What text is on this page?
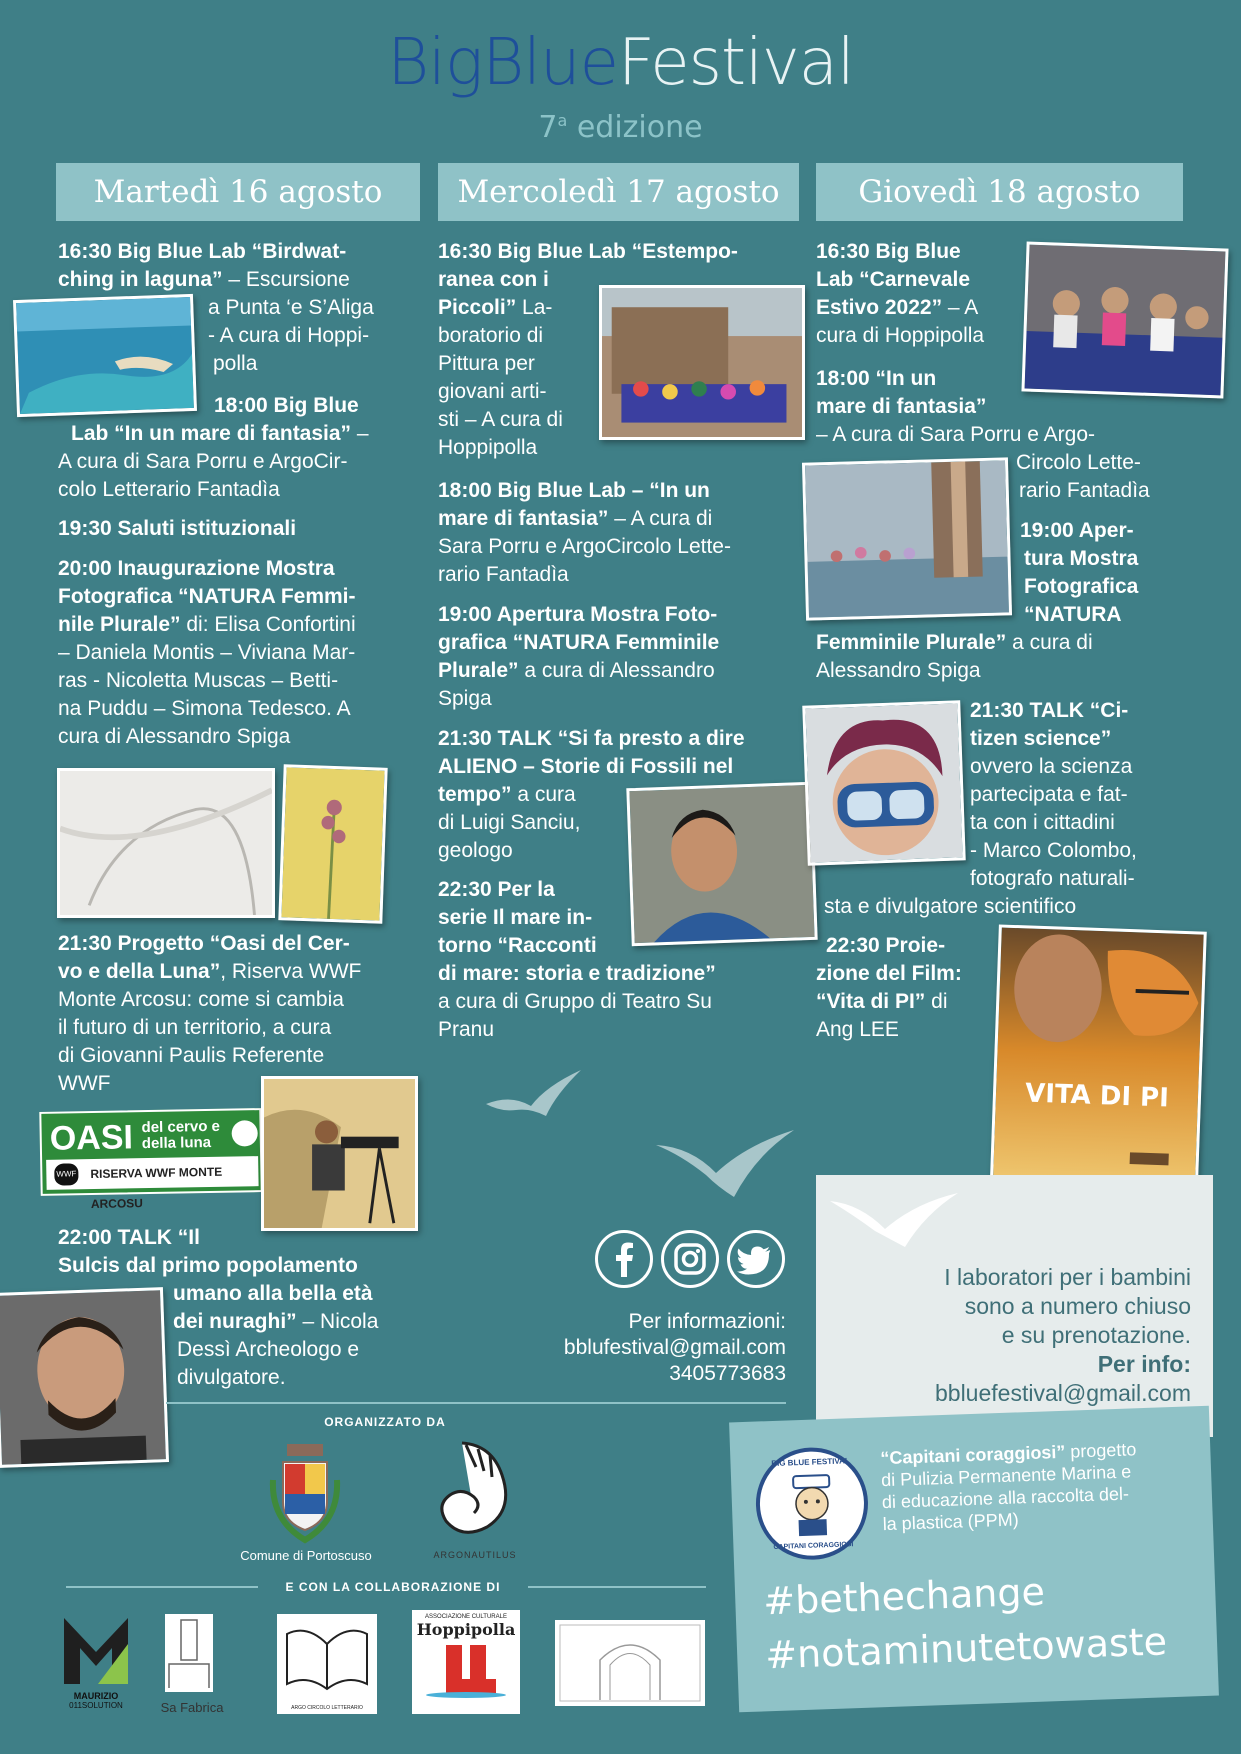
BigBlueFestival
7$^a$ edizione
Martedì 16 agosto	Mercoledì 17 agosto	Giovedì 18 agosto
16:30 Big Blue Lab “Birdwat-
ching in laguna” – Escursione
a Punta ‘e S’Aliga
- A cura di Hoppi-
polla
18:00 Big Blue
Lab “In un mare di fantasia” –
A cura di Sara Porru e ArgoCir-
colo Letterario Fantadìa
19:30 Saluti istituzionali
20:00 Inaugurazione Mostra
Fotografica “NATURA Femmi-
nile Plurale” di: Elisa Confortini
– Daniela Montis – Viviana Mar-
ras - Nicoletta Muscas – Betti-
na Puddu – Simona Tedesco. A
cura di Alessandro Spiga
21:30 Progetto “Oasi del Cer-
vo e della Luna”, Riserva WWF
Monte Arcosu: come si cambia
il futuro di un territorio, a cura
di Giovanni Paulis Referente
WWF
OASI del cervo e
della luna
RISERVA WWF MONTE ARCOSU
WWF
22:00 TALK “Il
Sulcis dal primo popolamento
umano alla bella età
dei nuraghi” – Nicola
Dessì Archeologo e
divulgatore.
16:30 Big Blue Lab “Estempo-
ranea con i
Piccoli” La-
boratorio di
Pittura per
giovani arti-
sti – A cura di
Hoppipolla
18:00 Big Blue Lab – “In un
mare di fantasia” – A cura di
Sara Porru e ArgoCircolo Lette-
rario Fantadìa
19:00 Apertura Mostra Foto-
grafica “NATURA Femminile
Plurale” a cura di Alessandro
Spiga
21:30 TALK “Si fa presto a dire
ALIENO – Storie di Fossili nel
tempo” a cura
di Luigi Sanciu,
geologo
22:30 Per la
serie Il mare in-
torno “Racconti
di mare: storia e tradizione”
a cura di Gruppo di Teatro Su
Pranu
16:30 Big Blue
Lab “Carnevale
Estivo 2022” – A
cura di Hoppipolla
18:00 “In un
mare di fantasia”
– A cura di Sara Porru e Argo-
Circolo Lette-
rario Fantadìa
19:00 Aper-
tura Mostra
Fotografica
“NATURA
Femminile Plurale” a cura di
Alessandro Spiga
21:30 TALK “Ci-
tizen science”
ovvero la scienza
partecipata e fat-
ta con i cittadini
- Marco Colombo,
fotografo naturali-
sta e divulgatore scientifico
22:30 Proie-
zione del Film:
“Vita di PI” di
Ang LEE
VITA DI PI
I laboratori per i bambini
sono a numero chiuso
e su prenotazione.
Per info:
bbluefestival@gmail.com
Per informazioni:
bblufestival@gmail.com
3405773683
ORGANIZZATO DA
Comune di Portoscuso	ARGONAUTILUS
E CON LA COLLABORAZIONE DI
MAURIZIO
011SOLUTION	Sa Fabrica	ARGO CIRCOLO LETTERARIO
ASSOCIAZIONE CULTURALE
Hoppipolla
BIG BLUE FESTIVAL
CAPITANI CORAGGIOSI
“Capitani coraggiosi” progetto
di Pulizia Permanente Marina e
di educazione alla raccolta del-
la plastica (PPM)
#bethechange
#notaminutetowaste
